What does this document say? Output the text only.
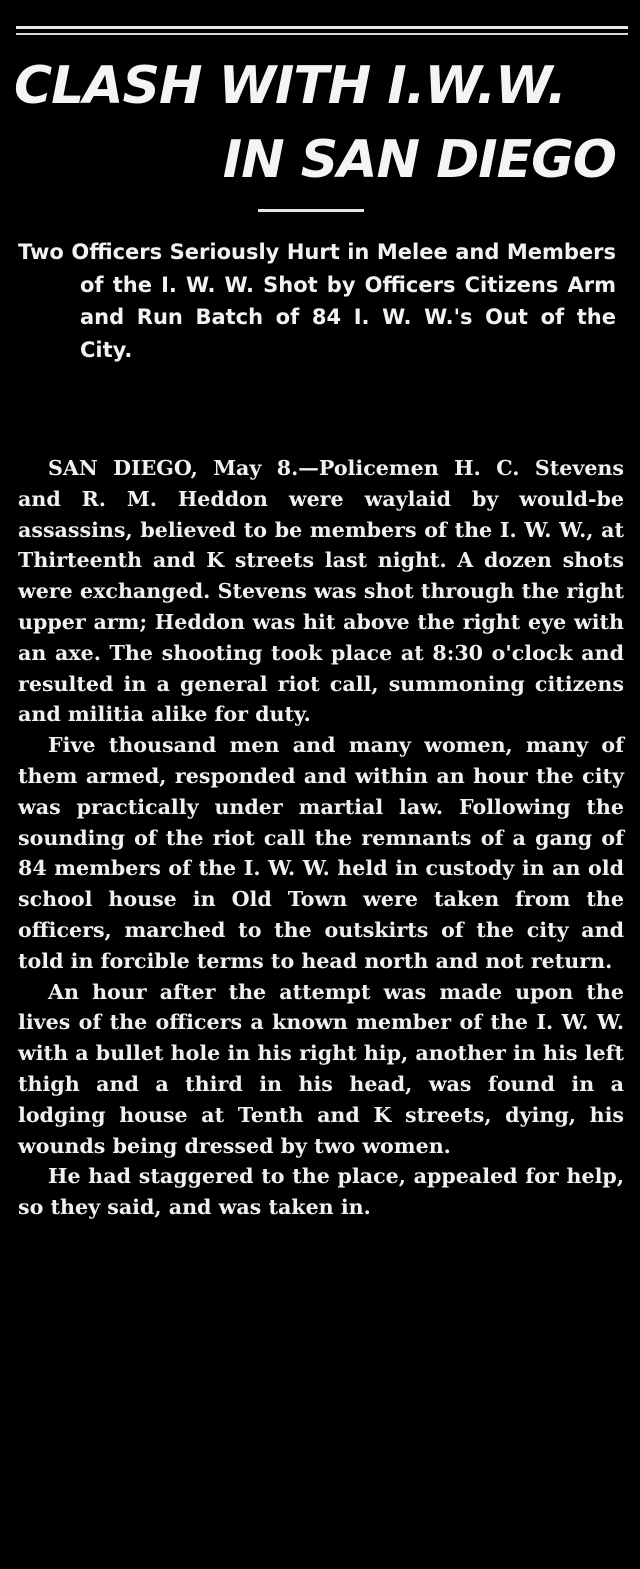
CLASH WITH I.W.W.
IN SAN DIEGO

Two Officers Seriously Hurt in Melee and Members of the I. W. W. Shot by Officers Citizens Arm and Run Batch of 84 I. W. W.'s Out of the City.

SAN DIEGO, May 8.—Policemen H. C. Stevens and R. M. Heddon were waylaid by would-be assassins, believed to be members of the I. W. W., at Thirteenth and K streets last night. A dozen shots were exchanged. Stevens was shot through the right upper arm; Heddon was hit above the right eye with an axe. The shooting took place at 8:30 o'clock and resulted in a general riot call, summoning citizens and militia alike for duty.

Five thousand men and many women, many of them armed, responded and within an hour the city was practically under martial law. Following the sounding of the riot call the remnants of a gang of 84 members of the I. W. W. held in custody in an old school house in Old Town were taken from the officers, marched to the outskirts of the city and told in forcible terms to head north and not return.

An hour after the attempt was made upon the lives of the officers a known member of the I. W. W. with a bullet hole in his right hip, another in his left thigh and a third in his head, was found in a lodging house at Tenth and K streets, dying, his wounds being dressed by two women.

He had staggered to the place, appealed for help, so they said, and was taken in.
